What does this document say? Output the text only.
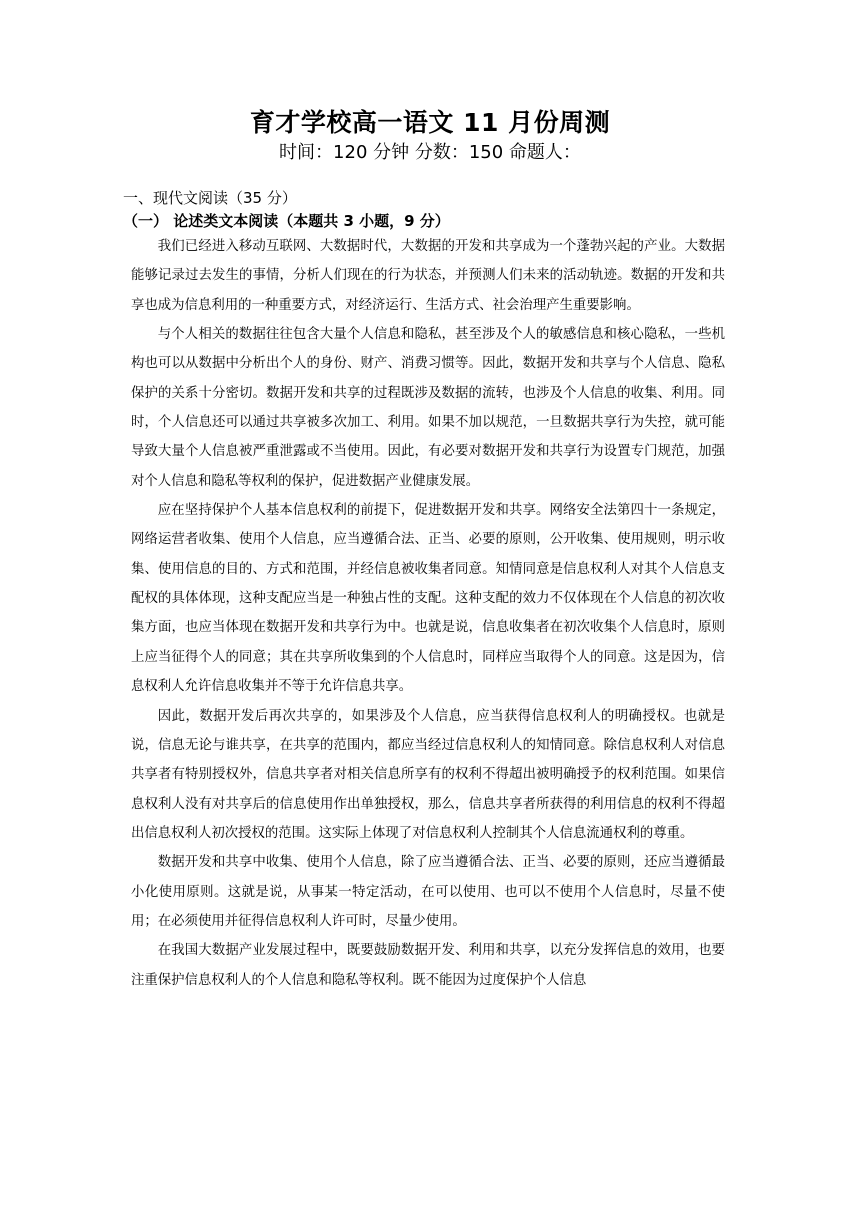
育才学校高一语文 11 月份周测
时间：120 分钟 分数：150 命题人：
一、现代文阅读（35 分）
（一） 论述类文本阅读（本题共 3 小题，9 分）

我们已经进入移动互联网、大数据时代，大数据的开发和共享成为一个蓬勃兴起的产业。大数据能够记录过去发生的事情，分析人们现在的行为状态，并预测人们未来的活动轨迹。数据的开发和共享也成为信息利用的一种重要方式，对经济运行、生活方式、社会治理产生重要影响。

与个人相关的数据往往包含大量个人信息和隐私，甚至涉及个人的敏感信息和核心隐私，一些机构也可以从数据中分析出个人的身份、财产、消费习惯等。因此，数据开发和共享与个人信息、隐私保护的关系十分密切。数据开发和共享的过程既涉及数据的流转，也涉及个人信息的收集、利用。同时，个人信息还可以通过共享被多次加工、利用。如果不加以规范，一旦数据共享行为失控，就可能导致大量个人信息被严重泄露或不当使用。因此，有必要对数据开发和共享行为设置专门规范，加强对个人信息和隐私等权利的保护，促进数据产业健康发展。

应在坚持保护个人基本信息权利的前提下，促进数据开发和共享。网络安全法第四十一条规定，网络运营者收集、使用个人信息，应当遵循合法、正当、必要的原则，公开收集、使用规则，明示收集、使用信息的目的、方式和范围，并经信息被收集者同意。知情同意是信息权利人对其个人信息支配权的具体体现，这种支配应当是一种独占性的支配。这种支配的效力不仅体现在个人信息的初次收集方面，也应当体现在数据开发和共享行为中。也就是说，信息收集者在初次收集个人信息时，原则上应当征得个人的同意；其在共享所收集到的个人信息时，同样应当取得个人的同意。这是因为，信息权利人允许信息收集并不等于允许信息共享。

因此，数据开发后再次共享的，如果涉及个人信息，应当获得信息权利人的明确授权。也就是说，信息无论与谁共享，在共享的范围内，都应当经过信息权利人的知情同意。除信息权利人对信息共享者有特别授权外，信息共享者对相关信息所享有的权利不得超出被明确授予的权利范围。如果信息权利人没有对共享后的信息使用作出单独授权，那么，信息共享者所获得的利用信息的权利不得超出信息权利人初次授权的范围。这实际上体现了对信息权利人控制其个人信息流通权利的尊重。

数据开发和共享中收集、使用个人信息，除了应当遵循合法、正当、必要的原则，还应当遵循最小化使用原则。这就是说，从事某一特定活动，在可以使用、也可以不使用个人信息时，尽量不使用；在必须使用并征得信息权利人许可时，尽量少使用。

在我国大数据产业发展过程中，既要鼓励数据开发、利用和共享，以充分发挥信息的效用，也要注重保护信息权利人的个人信息和隐私等权利。既不能因为过度保护个人信息
